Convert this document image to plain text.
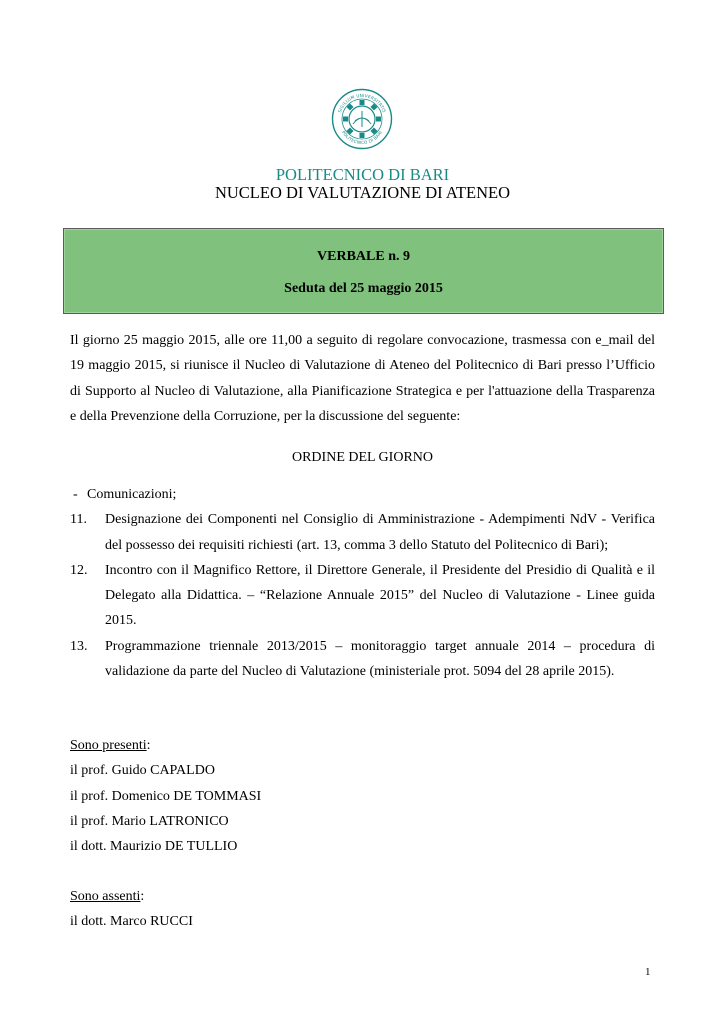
SIGILLUM UNIVERSITATIS
POLITECNICO DI BARI
POLITECNICO DI BARI
NUCLEO DI VALUTAZIONE DI ATENEO
VERBALE n. 9
Seduta del 25 maggio 2015
Il giorno 25 maggio 2015, alle ore 11,00 a seguito di regolare convocazione, trasmessa con e_mail del 19 maggio 2015, si riunisce il Nucleo di Valutazione di Ateneo del Politecnico di Bari presso l’Ufficio di Supporto al Nucleo di Valutazione, alla Pianificazione Strategica e per l'attuazione della Trasparenza e della Prevenzione della Corruzione, per la discussione del seguente:
ORDINE DEL GIORNO
- Comunicazioni;
11. Designazione dei Componenti nel Consiglio di Amministrazione - Adempimenti NdV - Verifica del possesso dei requisiti richiesti (art. 13, comma 3 dello Statuto del Politecnico di Bari);
12. Incontro con il Magnifico Rettore, il Direttore Generale, il Presidente del Presidio di Qualità e il Delegato alla Didattica. – “Relazione Annuale 2015” del Nucleo di Valutazione - Linee guida 2015.
13. Programmazione triennale 2013/2015 – monitoraggio target annuale 2014 – procedura di validazione da parte del Nucleo di Valutazione (ministeriale prot. 5094 del 28 aprile 2015).
Sono presenti:
il prof. Guido CAPALDO
il prof. Domenico DE TOMMASI
il prof. Mario LATRONICO
il dott. Maurizio DE TULLIO
Sono assenti:
il dott. Marco RUCCI
1
